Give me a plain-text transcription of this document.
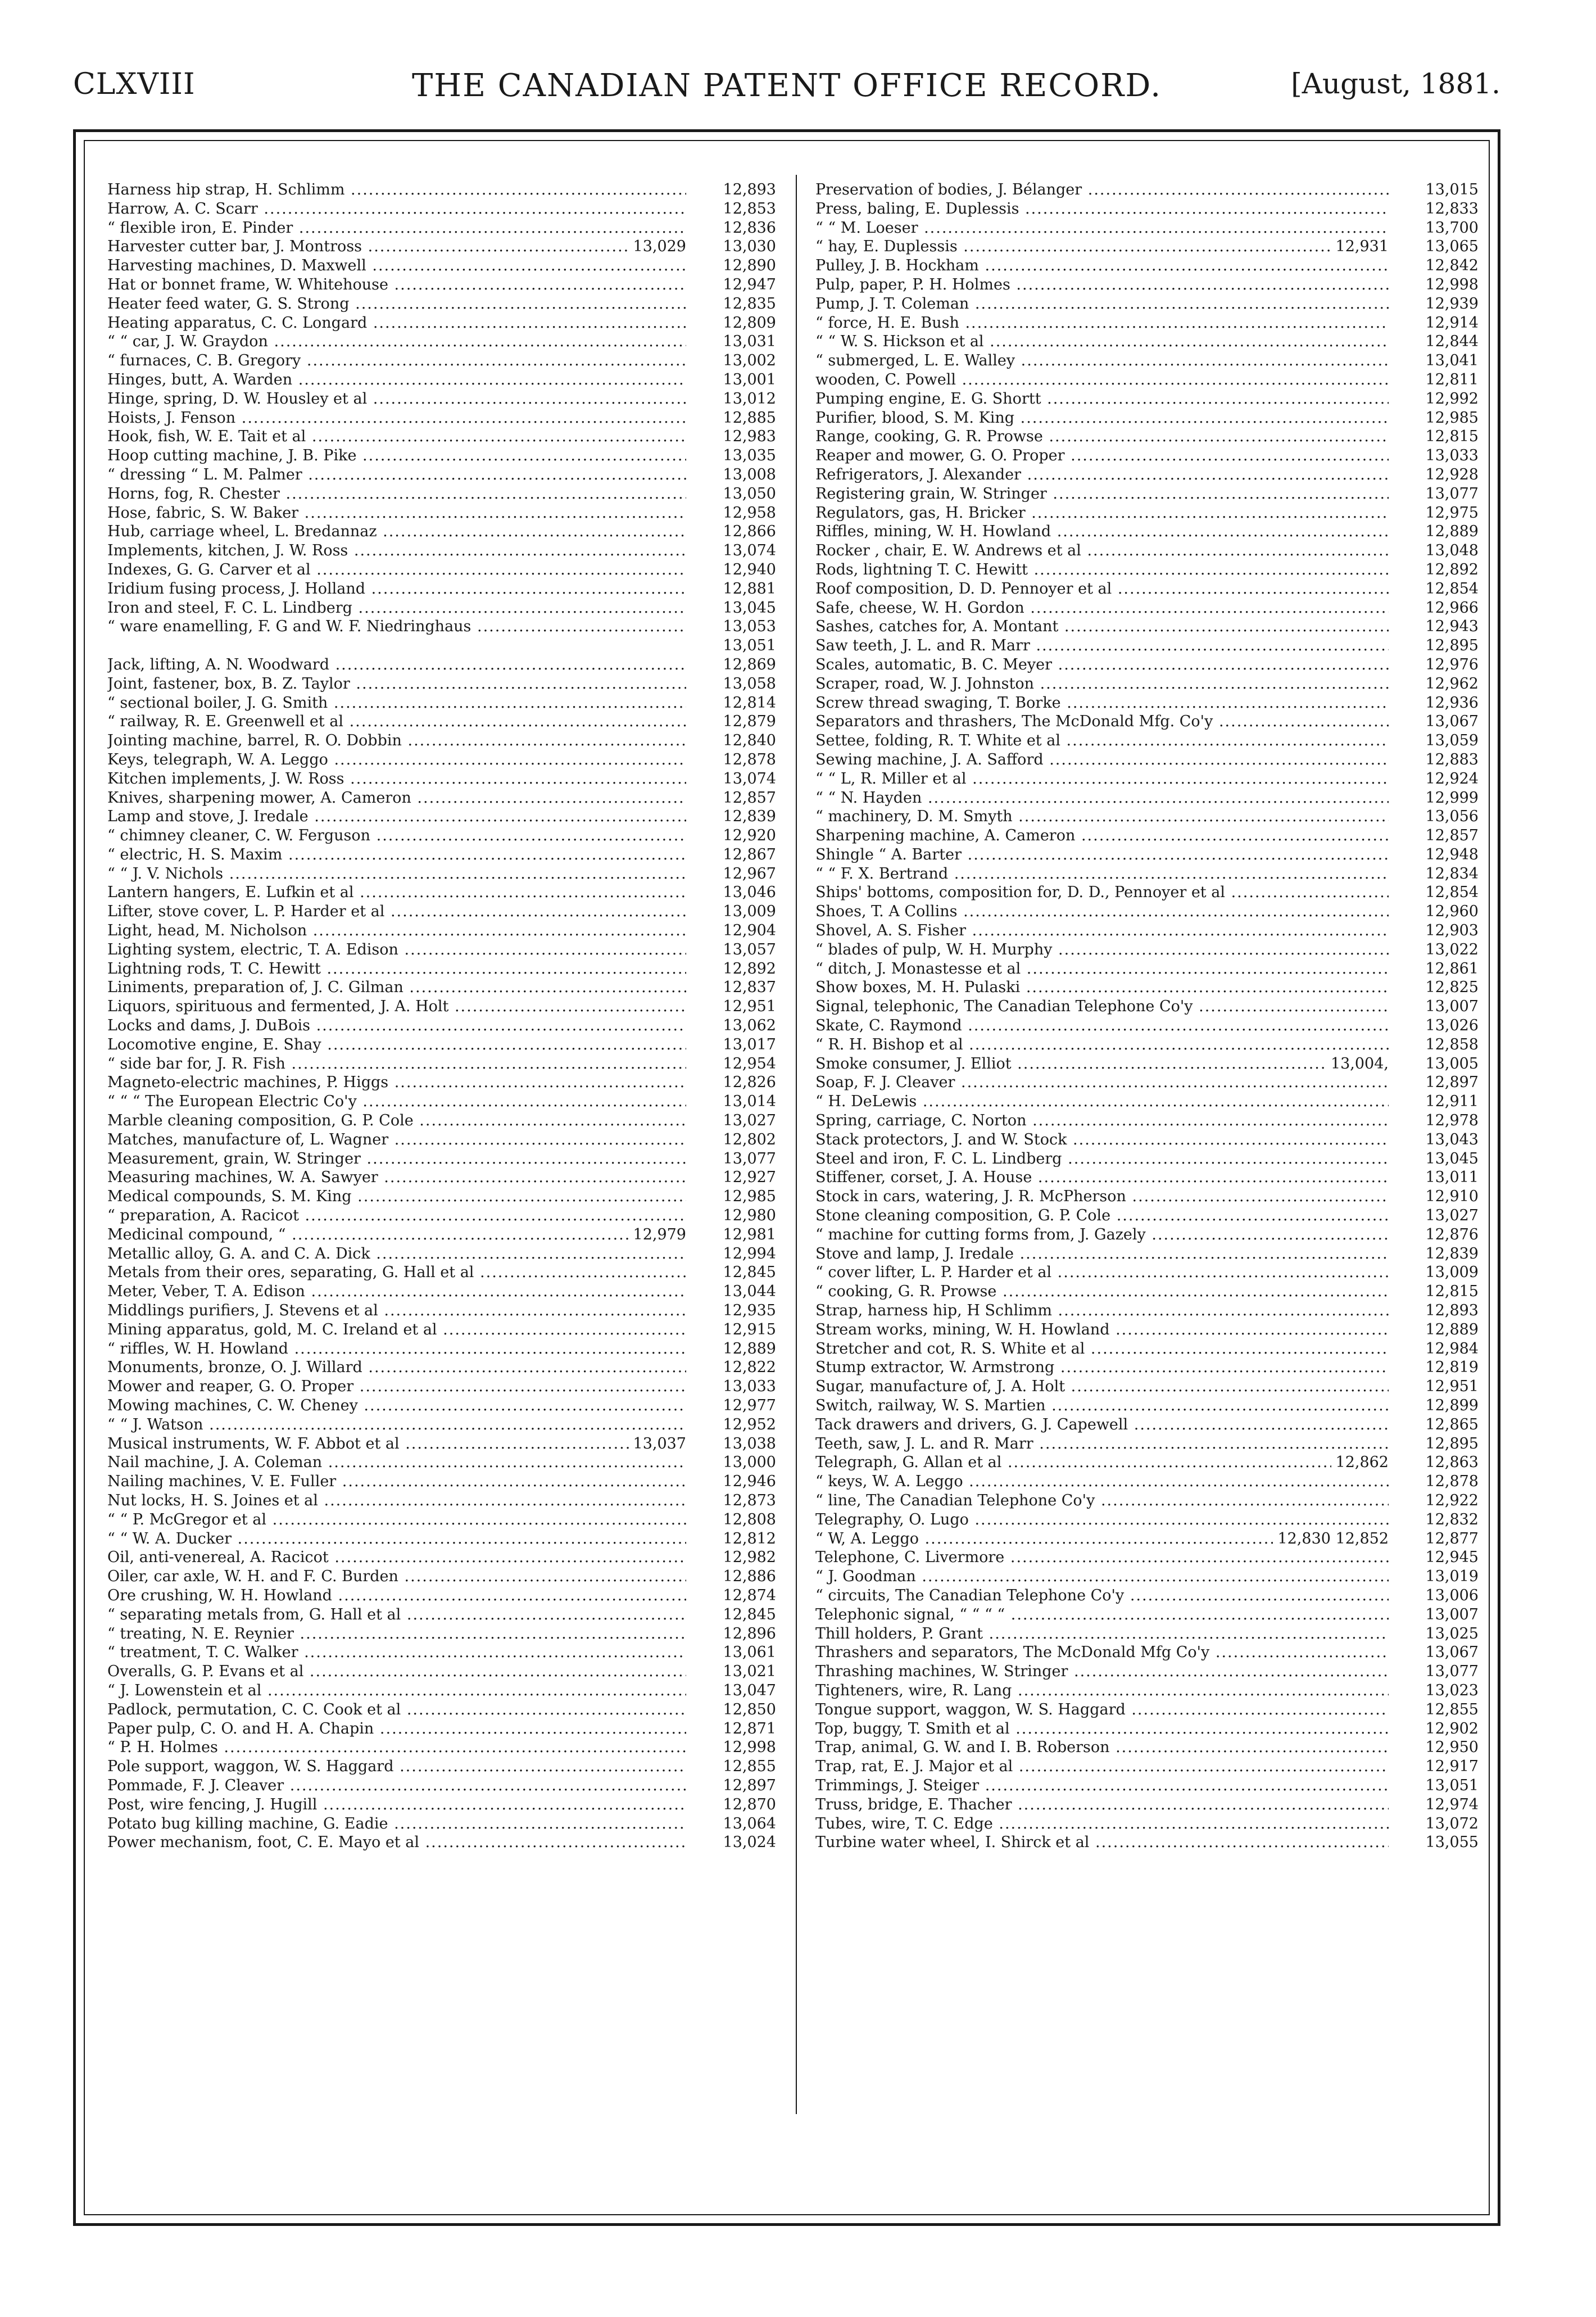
CLXVIII	THE CANADIAN PATENT OFFICE RECORD.	[August, 1881.
Harness hip strap, H. Schlimm .....	12,893
Harrow, A. C. Scarr .....	12,853
“ flexible iron, E. Pinder .....	12,836
Harvester cutter bar, J. Montross .....	13,029	13,030
Harvesting machines, D. Maxwell .....	12,890
Hat or bonnet frame, W. Whitehouse .....	12,947
Heater feed water, G. S. Strong .....	12,835
Heating apparatus, C. C. Longard .....	12,809
“ “ car, J. W. Graydon .....	13,031
“ furnaces, C. B. Gregory .....	13,002
Hinges, butt, A. Warden .....	13,001
Hinge, spring, D. W. Housley et al .....	13,012
Hoists, J. Fenson .....	12,885
Hook, fish, W. E. Tait et al .....	12,983
Hoop cutting machine, J. B. Pike .....	13,035
“ dressing “ L. M. Palmer .....	13,008
Horns, fog, R. Chester .....	13,050
Hose, fabric, S. W. Baker .....	12,958
Hub, carriage wheel, L. Bredannaz .....	12,866
Implements, kitchen, J. W. Ross .....	13,074
Indexes, G. G. Carver et al .....	12,940
Iridium fusing process, J. Holland .....	12,881
Iron and steel, F. C. L. Lindberg .....	13,045
“ ware enamelling, F. G and W. F. Niedringhaus .....	13,053
13,051
Jack, lifting, A. N. Woodward .....	12,869
Joint, fastener, box, B. Z. Taylor .....	13,058
“ sectional boiler, J. G. Smith .....	12,814
“ railway, R. E. Greenwell et al .....	12,879
Jointing machine, barrel, R. O. Dobbin .....	12,840
Keys, telegraph, W. A. Leggo .....	12,878
Kitchen implements, J. W. Ross .....	13,074
Knives, sharpening mower, A. Cameron .....	12,857
Lamp and stove, J. Iredale .....	12,839
“ chimney cleaner, C. W. Ferguson .....	12,920
“ electric, H. S. Maxim .....	12,867
“ “ J. V. Nichols .....	12,967
Lantern hangers, E. Lufkin et al .....	13,046
Lifter, stove cover, L. P. Harder et al .....	13,009
Light, head, M. Nicholson .....	12,904
Lighting system, electric, T. A. Edison .....	13,057
Lightning rods, T. C. Hewitt .....	12,892
Liniments, preparation of, J. C. Gilman .....	12,837
Liquors, spirituous and fermented, J. A. Holt .....	12,951
Locks and dams, J. DuBois .....	13,062
Locomotive engine, E. Shay .....	13,017
“ side bar for, J. R. Fish .....	12,954
Magneto-electric machines, P. Higgs .....	12,826
“ “ “ The European Electric Co'y .....	13,014
Marble cleaning composition, G. P. Cole .....	13,027
Matches, manufacture of, L. Wagner .....	12,802
Measurement, grain, W. Stringer .....	13,077
Measuring machines, W. A. Sawyer .....	12,927
Medical compounds, S. M. King .....	12,985
“ preparation, A. Racicot .....	12,980
Medicinal compound, “ .....	12,979	12,981
Metallic alloy, G. A. and C. A. Dick .....	12,994
Metals from their ores, separating, G. Hall et al .....	12,845
Meter, Veber, T. A. Edison .....	13,044
Middlings purifiers, J. Stevens et al .....	12,935
Mining apparatus, gold, M. C. Ireland et al .....	12,915
“ riffles, W. H. Howland .....	12,889
Monuments, bronze, O. J. Willard .....	12,822
Mower and reaper, G. O. Proper .....	13,033
Mowing machines, C. W. Cheney .....	12,977
“ “ J. Watson .....	12,952
Musical instruments, W. F. Abbot et al .....	13,037	13,038
Nail machine, J. A. Coleman .....	13,000
Nailing machines, V. E. Fuller .....	12,946
Nut locks, H. S. Joines et al .....	12,873
“ “ P. McGregor et al .....	12,808
“ “ W. A. Ducker .....	12,812
Oil, anti-venereal, A. Racicot .....	12,982
Oiler, car axle, W. H. and F. C. Burden .....	12,886
Ore crushing, W. H. Howland .....	12,874
“ separating metals from, G. Hall et al .....	12,845
“ treating, N. E. Reynier .....	12,896
“ treatment, T. C. Walker .....	13,061
Overalls, G. P. Evans et al .....	13,021
“ J. Lowenstein et al .....	13,047
Padlock, permutation, C. C. Cook et al .....	12,850
Paper pulp, C. O. and H. A. Chapin .....	12,871
“ P. H. Holmes .....	12,998
Pole support, waggon, W. S. Haggard .....	12,855
Pommade, F. J. Cleaver .....	12,897
Post, wire fencing, J. Hugill .....	12,870
Potato bug killing machine, G. Eadie .....	13,064
Power mechanism, foot, C. E. Mayo et al .....	13,024
Preservation of bodies, J. Bélanger .....	13,015
Press, baling, E. Duplessis .....	12,833
“ “ M. Loeser .....	13,700
“ hay, E. Duplessis .....	12,931	13,065
Pulley, J. B. Hockham .....	12,842
Pulp, paper, P. H. Holmes .....	12,998
Pump, J. T. Coleman .....	12,939
“ force, H. E. Bush .....	12,914
“ “ W. S. Hickson et al .....	12,844
“ submerged, L. E. Walley .....	13,041
wooden, C. Powell .....	12,811
Pumping engine, E. G. Shortt .....	12,992
Purifier, blood, S. M. King .....	12,985
Range, cooking, G. R. Prowse .....	12,815
Reaper and mower, G. O. Proper .....	13,033
Refrigerators, J. Alexander .....	12,928
Registering grain, W. Stringer .....	13,077
Regulators, gas, H. Bricker .....	12,975
Riffles, mining, W. H. Howland .....	12,889
Rocker , chair, E. W. Andrews et al .....	13,048
Rods, lightning T. C. Hewitt .....	12,892
Roof composition, D. D. Pennoyer et al .....	12,854
Safe, cheese, W. H. Gordon .....	12,966
Sashes, catches for, A. Montant .....	12,943
Saw teeth, J. L. and R. Marr .....	12,895
Scales, automatic, B. C. Meyer .....	12,976
Scraper, road, W. J. Johnston .....	12,962
Screw thread swaging, T. Borke .....	12,936
Separators and thrashers, The McDonald Mfg. Co'y .....	13,067
Settee, folding, R. T. White et al .....	13,059
Sewing machine, J. A. Safford .....	12,883
“ “ L, R. Miller et al .....	12,924
“ “ N. Hayden .....	12,999
“ machinery, D. M. Smyth .....	13,056
Sharpening machine, A. Cameron .....	12,857
Shingle “ A. Barter .....	12,948
“ “ F. X. Bertrand .....	12,834
Ships' bottoms, composition for, D. D., Pennoyer et al .....	12,854
Shoes, T. A Collins .....	12,960
Shovel, A. S. Fisher .....	12,903
“ blades of pulp, W. H. Murphy .....	13,022
“ ditch, J. Monastesse et al .....	12,861
Show boxes, M. H. Pulaski .....	12,825
Signal, telephonic, The Canadian Telephone Co'y .....	13,007
Skate, C. Raymond .....	13,026
“ R. H. Bishop et al .....	12,858
Smoke consumer, J. Elliot .....	13,004,	13,005
Soap, F. J. Cleaver .....	12,897
“ H. DeLewis .....	12,911
Spring, carriage, C. Norton .....	12,978
Stack protectors, J. and W. Stock .....	13,043
Steel and iron, F. C. L. Lindberg .....	13,045
Stiffener, corset, J. A. House .....	13,011
Stock in cars, watering, J. R. McPherson .....	12,910
Stone cleaning composition, G. P. Cole .....	13,027
“ machine for cutting forms from, J. Gazely .....	12,876
Stove and lamp, J. Iredale .....	12,839
“ cover lifter, L. P. Harder et al .....	13,009
“ cooking, G. R. Prowse .....	12,815
Strap, harness hip, H Schlimm .....	12,893
Stream works, mining, W. H. Howland .....	12,889
Stretcher and cot, R. S. White et al .....	12,984
Stump extractor, W. Armstrong .....	12,819
Sugar, manufacture of, J. A. Holt .....	12,951
Switch, railway, W. S. Martien .....	12,899
Tack drawers and drivers, G. J. Capewell .....	12,865
Teeth, saw, J. L. and R. Marr .....	12,895
Telegraph, G. Allan et al .....	12,862	12,863
“ keys, W. A. Leggo .....	12,878
“ line, The Canadian Telephone Co'y .....	12,922
Telegraphy, O. Lugo .....	12,832
“ W, A. Leggo .....	12,830 12,852	12,877
Telephone, C. Livermore .....	12,945
“ J. Goodman .....	13,019
“ circuits, The Canadian Telephone Co'y .....	13,006
Telephonic signal, “ “ “ “ .....	13,007
Thill holders, P. Grant .....	13,025
Thrashers and separators, The McDonald Mfg Co'y .....	13,067
Thrashing machines, W. Stringer .....	13,077
Tighteners, wire, R. Lang .....	13,023
Tongue support, waggon, W. S. Haggard .....	12,855
Top, buggy, T. Smith et al .....	12,902
Trap, animal, G. W. and I. B. Roberson .....	12,950
Trap, rat, E. J. Major et al .....	12,917
Trimmings, J. Steiger .....	13,051
Truss, bridge, E. Thacher .....	12,974
Tubes, wire, T. C. Edge .....	13,072
Turbine water wheel, I. Shirck et al .....	13,055
